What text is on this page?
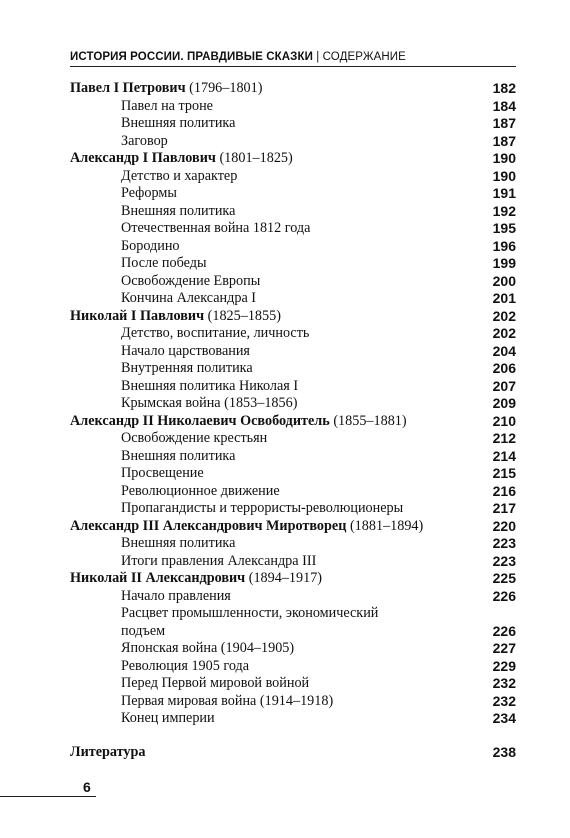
ИСТОРИЯ РОССИИ. ПРАВДИВЫЕ СКАЗКИ | СОДЕРЖАНИЕ
Павел I Петрович (1796–1801)	182
Павел на троне	184
Внешняя политика	187
Заговор	187
Александр I Павлович (1801–1825)	190
Детство и характер	190
Реформы	191
Внешняя политика	192
Отечественная война 1812 года	195
Бородино	196
После победы	199
Освобождение Европы	200
Кончина Александра I	201
Николай I Павлович (1825–1855)	202
Детство, воспитание, личность	202
Начало царствования	204
Внутренняя политика	206
Внешняя политика Николая I	207
Крымская война (1853–1856)	209
Александр II Николаевич Освободитель (1855–1881)	210
Освобождение крестьян	212
Внешняя политика	214
Просвещение	215
Революционное движение	216
Пропагандисты и террористы-революционеры	217
Александр III Александрович Миротворец (1881–1894)	220
Внешняя политика	223
Итоги правления Александра III	223
Николай II Александрович (1894–1917)	225
Начало правления	226
Расцвет промышленности, экономический подъем	226
Японская война (1904–1905)	227
Революция 1905 года	229
Перед Первой мировой войной	232
Первая мировая война (1914–1918)	232
Конец империи	234
Литература	238
6
